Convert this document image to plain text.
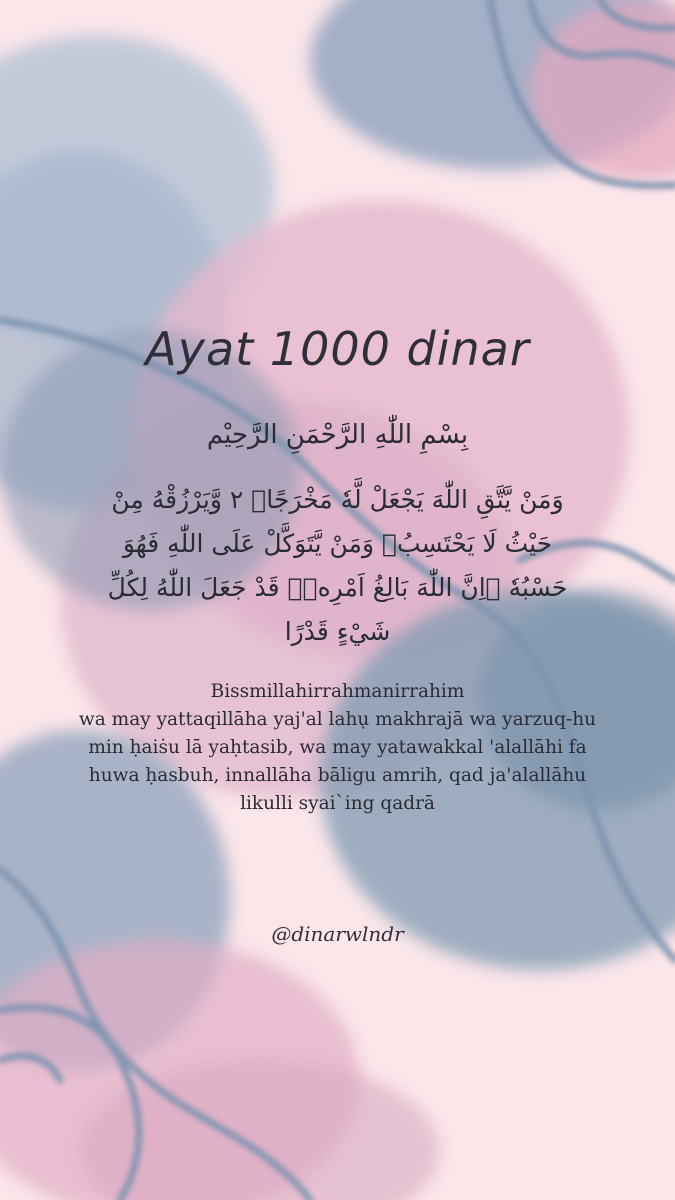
Ayat 1000 dinar
بِسْمِ اللّٰهِ الرَّحْمَنِ الرَّحِيْم
وَمَنْ يَّتَّقِ اللّٰهَ يَجْعَلْ لَّهٗ مَخْرَجًاۙ ٢ وَّيَرْزُقْهُ مِنْ
حَيْثُ لَا يَحْتَسِبُۗ وَمَنْ يَّتَوَكَّلْ عَلَى اللّٰهِ فَهُوَ
حَسْبُهٗ ۗاِنَّ اللّٰهَ بَالِغُ اَمْرِهٖۗ قَدْ جَعَلَ اللّٰهُ لِكُلِّ
شَيْءٍ قَدْرًا
Bissmillahirrahmanirrahim
wa may yattaqillāha yaj'al lahụ makhrajā wa yarzuq-hu
min ḥaiṡu lā yaḥtasib, wa may yatawakkal 'alallāhi fa
huwa ḥasbuh, innallāha bāligu amrih, qad ja'alallāhu
likulli syai`ing qadrā
@dinarwlndr
